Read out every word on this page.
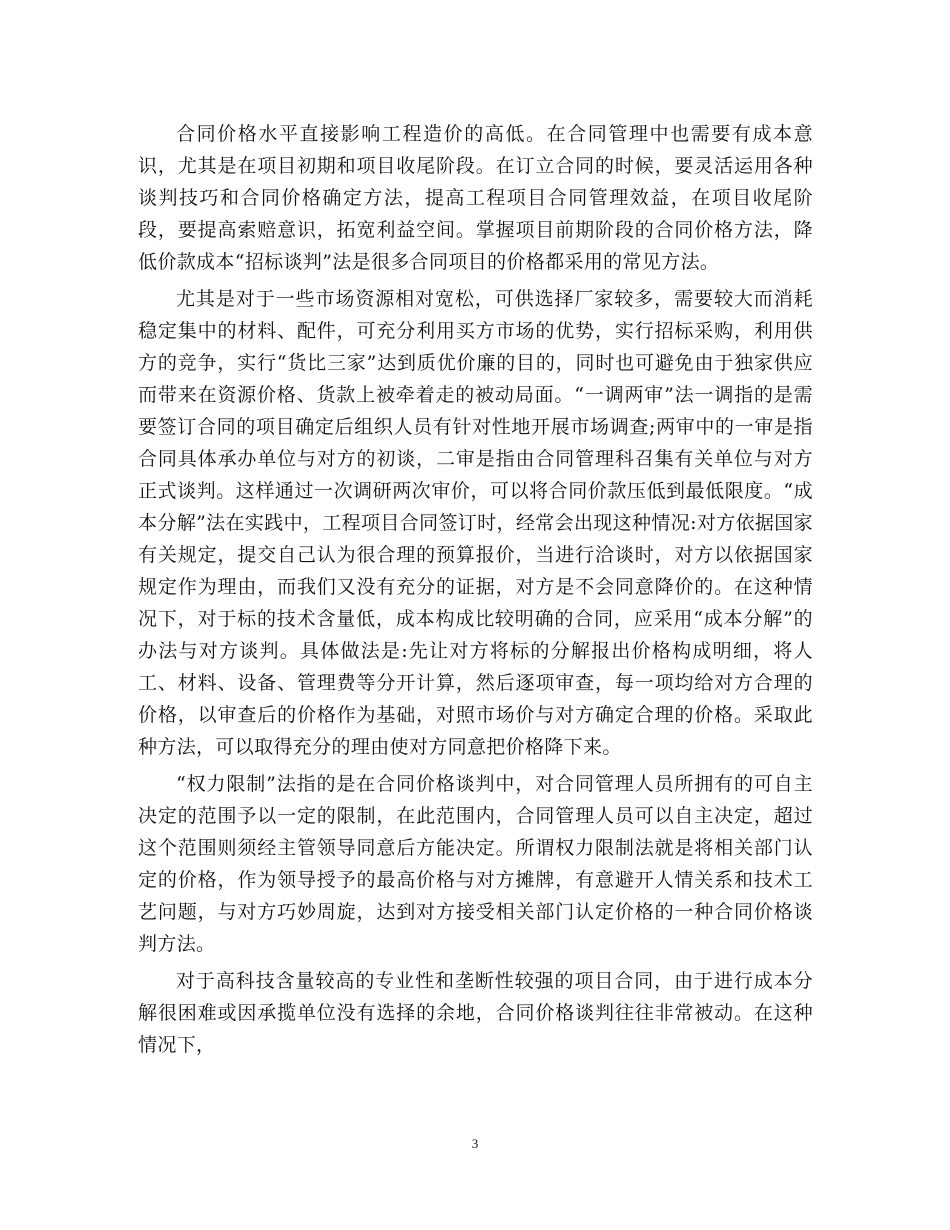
合同价格水平直接影响工程造价的高低。在合同管理中也需要有成本意识，尤其是在项目初期和项目收尾阶段。在订立合同的时候，要灵活运用各种谈判技巧和合同价格确定方法，提高工程项目合同管理效益，在项目收尾阶段，要提高索赔意识，拓宽利益空间。掌握项目前期阶段的合同价格方法，降低价款成本“招标谈判”法是很多合同项目的价格都采用的常见方法。

尤其是对于一些市场资源相对宽松，可供选择厂家较多，需要较大而消耗稳定集中的材料、配件，可充分利用买方市场的优势，实行招标采购，利用供方的竞争，实行“货比三家”达到质优价廉的目的，同时也可避免由于独家供应而带来在资源价格、货款上被牵着走的被动局面。“一调两审”法一调指的是需要签订合同的项目确定后组织人员有针对性地开展市场调查;两审中的一审是指合同具体承办单位与对方的初谈，二审是指由合同管理科召集有关单位与对方正式谈判。这样通过一次调研两次审价，可以将合同价款压低到最低限度。“成本分解”法在实践中，工程项目合同签订时，经常会出现这种情况:对方依据国家有关规定，提交自己认为很合理的预算报价，当进行洽谈时，对方以依据国家规定作为理由，而我们又没有充分的证据，对方是不会同意降价的。在这种情况下，对于标的技术含量低，成本构成比较明确的合同，应采用“成本分解”的办法与对方谈判。具体做法是:先让对方将标的分解报出价格构成明细，将人工、材料、设备、管理费等分开计算，然后逐项审查，每一项均给对方合理的价格，以审查后的价格作为基础，对照市场价与对方确定合理的价格。采取此种方法，可以取得充分的理由使对方同意把价格降下来。

“权力限制”法指的是在合同价格谈判中，对合同管理人员所拥有的可自主决定的范围予以一定的限制，在此范围内，合同管理人员可以自主决定，超过这个范围则须经主管领导同意后方能决定。所谓权力限制法就是将相关部门认定的价格，作为领导授予的最高价格与对方摊牌，有意避开人情关系和技术工艺问题，与对方巧妙周旋，达到对方接受相关部门认定价格的一种合同价格谈判方法。

对于高科技含量较高的专业性和垄断性较强的项目合同，由于进行成本分解很困难或因承揽单位没有选择的余地，合同价格谈判往往非常被动。在这种情况下，

3
